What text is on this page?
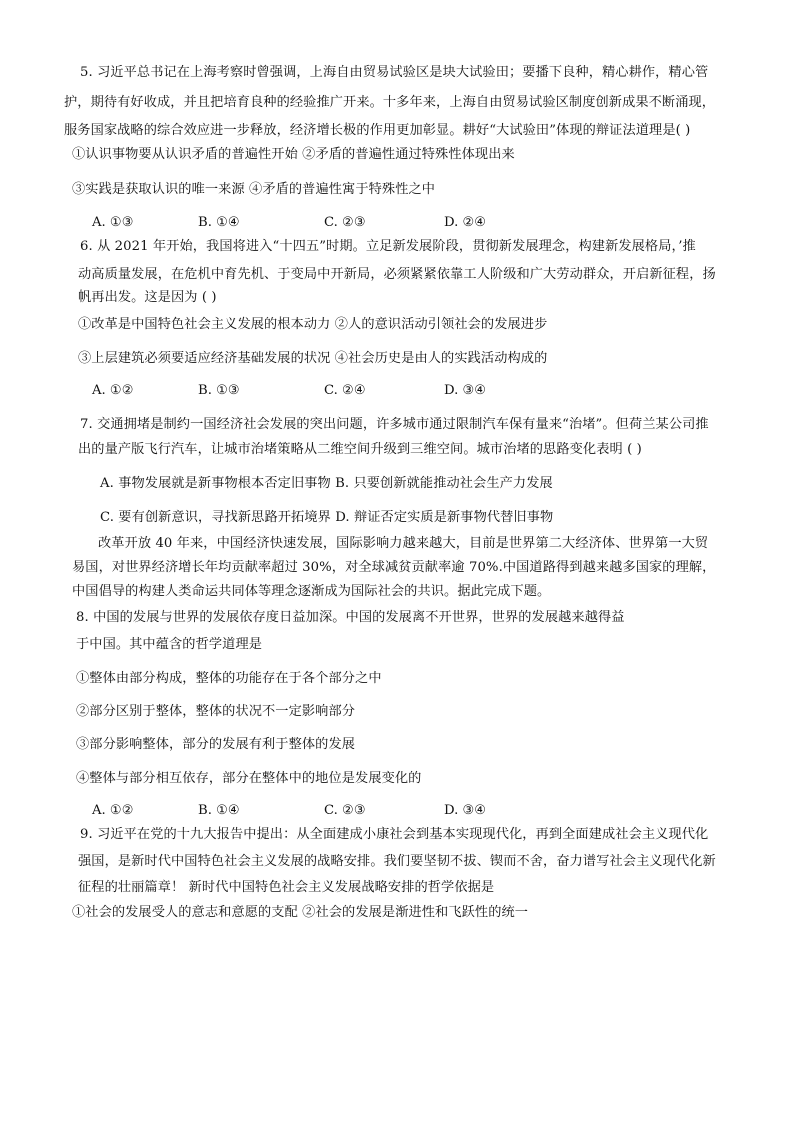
5. 习近平总书记在上海考察时曾强调，上海自由贸易试验区是块大试验田；要播下良种，精心耕作，精心管
护，期待有好收成，并且把培育良种的经验推广开来。十多年来，上海自由贸易试验区制度创新成果不断涌现，
服务国家战略的综合效应进一步释放，经济增长极的作用更加彰显。耕好“大试验田”体现的辩证法道理是( )
①认识事物要从认识矛盾的普遍性开始 ②矛盾的普遍性通过特殊性体现出来
③实践是获取认识的唯一来源 ④矛盾的普遍性寓于特殊性之中
A. ①③	B. ①④	C. ②③	D. ②④
6. 从 2021 年开始，我国将进入“十四五”时期。立足新发展阶段，贯彻新发展理念，构建新发展格局，’推
动高质量发展，在危机中育先机、于变局中开新局，必须紧紧依靠工人阶级和广大劳动群众，开启新征程，扬
帆再出发。这是因为 ( )
①改革是中国特色社会主义发展的根本动力 ②人的意识活动引领社会的发展进步
③上层建筑必须要适应经济基础发展的状况 ④社会历史是由人的实践活动构成的
A. ①②	B. ①③	C. ②④	D. ③④
7. 交通拥堵是制约一国经济社会发展的突出问题，许多城市通过限制汽车保有量来“治堵”。但荷兰某公司推
出的量产版飞行汽车，让城市治堵策略从二维空间升级到三维空间。城市治堵的思路变化表明 ( )
A. 事物发展就是新事物根本否定旧事物 B. 只要创新就能推动社会生产力发展
C. 要有创新意识，寻找新思路开拓境界 D. 辩证否定实质是新事物代替旧事物
改革开放 40 年来，中国经济快速发展，国际影响力越来越大，目前是世界第二大经济体、世界第一大贸
易国，对世界经济增长年均贡献率超过 30%，对全球减贫贡献率逾 70%.中国道路得到越来越多国家的理解，
中国倡导的构建人类命运共同体等理念逐渐成为国际社会的共识。据此完成下题。
8. 中国的发展与世界的发展依存度日益加深。中国的发展离不开世界，世界的发展越来越得益
于中国。其中蕴含的哲学道理是
①整体由部分构成，整体的功能存在于各个部分之中
②部分区别于整体，整体的状况不一定影响部分
③部分影响整体，部分的发展有利于整体的发展
④整体与部分相互依存，部分在整体中的地位是发展变化的
A. ①②	B. ①④	C. ②③	D. ③④
9. 习近平在党的十九大报告中提出：从全面建成小康社会到基本实现现代化，再到全面建成社会主义现代化
强国，是新时代中国特色社会主义发展的战略安排。我们要坚韧不拔、锲而不舍，奋力谱写社会主义现代化新
征程的壮丽篇章！ 新时代中国特色社会主义发展战略安排的哲学依据是
①社会的发展受人的意志和意愿的支配 ②社会的发展是渐进性和飞跃性的统一
